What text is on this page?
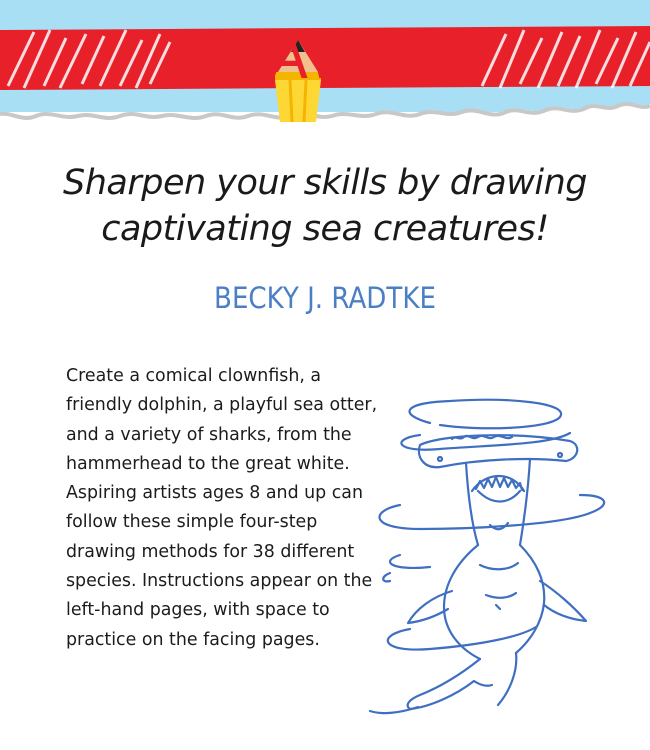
DRAW IT!
Sharpen your skills by drawing
captivating sea creatures!
BECKY J. RADTKE
Create a comical clownfish, a friendly dolphin, a playful sea otter, and a variety of sharks, from the hammerhead to the great white. Aspiring artists ages 8 and up can follow these simple four-step drawing methods for 38 different species. Instructions appear on the left-hand pages, with space to practice on the facing pages.
